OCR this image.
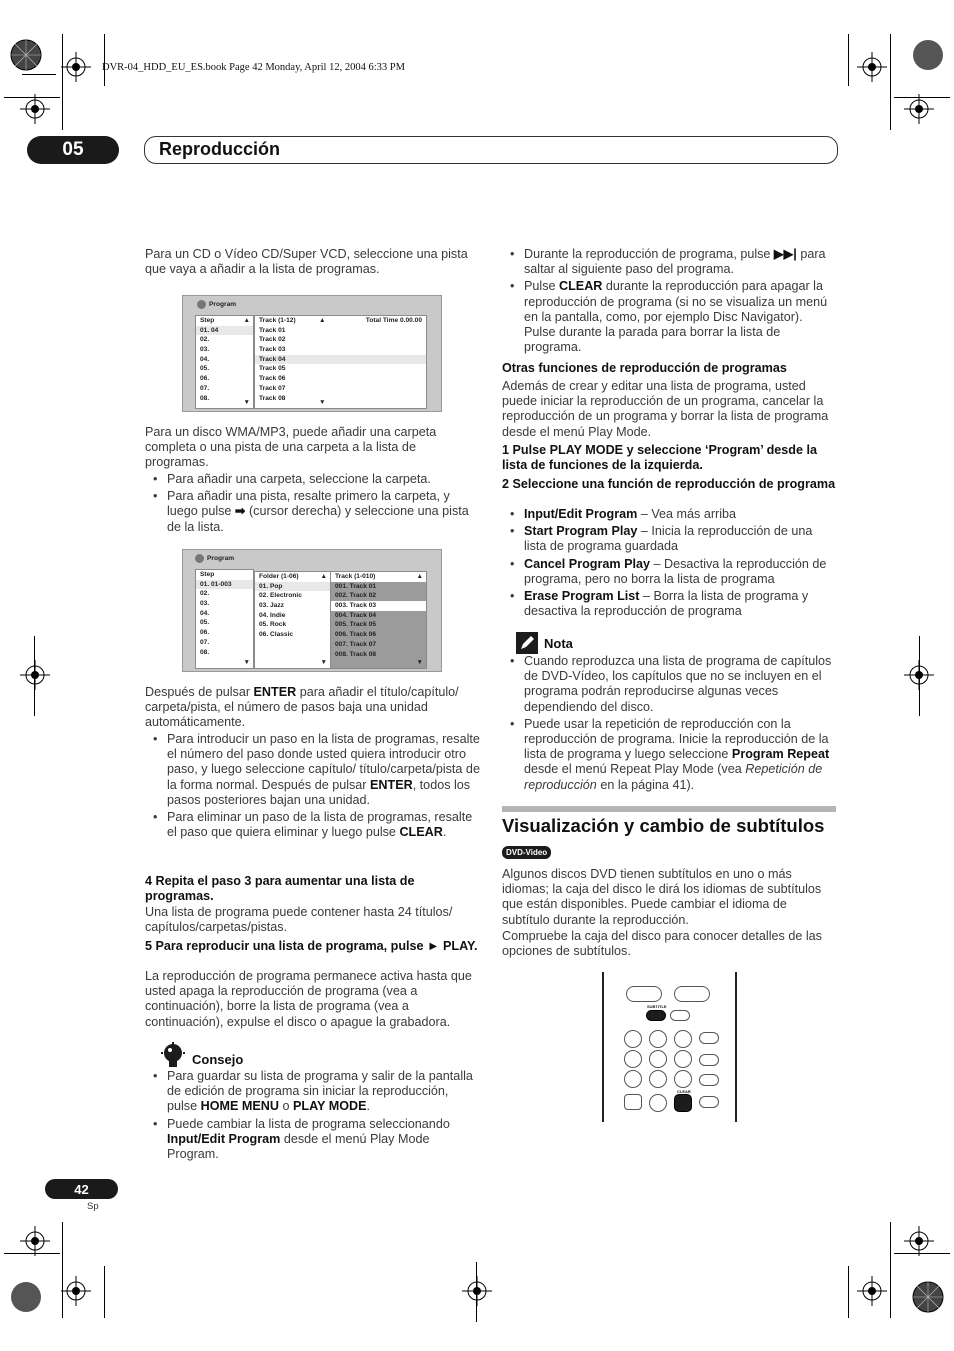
DVR-04_HDD_EU_ES.book Page 42 Monday, April 12, 2004 6:33 PM
05	Reproducción

Para un CD o Vídeo CD/Super VCD, seleccione una pista que vaya a añadir a la lista de programas.

Program
Step
01. 04
02.
03.
04.
05.
06.
07.
08.
▲
▼
Track (1-12)	Total Time 0.00.00
Track 01
Track 02
Track 03
Track 04
Track 05
Track 06
Track 07
Track 08
▲
▼

Para un disco WMA/MP3, puede añadir una carpeta completa o una pista de una carpeta a la lista de programas.

• Para añadir una carpeta, seleccione la carpeta.
• Para añadir una pista, resalte primero la carpeta, y luego pulse ➡ (cursor derecha) y seleccione una pista de la lista.
Program
Step
01. 01-003
02.
03.
04.
05.
06.
07.
08.
▼
Folder (1-06)
01. Pop
02. Electronic
03. Jazz
04. Indie
05. Rock
06. Classic
▲
▼
Track (1-010)
001. Track 01
002. Track 02
003. Track 03
004. Track 04
005. Track 05
006. Track 06
007. Track 07
008. Track 08
▲
▼

Después de pulsar ENTER para añadir el título/capítulo/ carpeta/pista, el número de pasos baja una unidad automáticamente.

• Para introducir un paso en la lista de programas, resalte el número del paso donde usted quiera introducir otro paso, y luego seleccione capítulo/ título/carpeta/pista de la forma normal. Después de pulsar ENTER, todos los pasos posteriores bajan una unidad.
• Para eliminar un paso de la lista de programas, resalte el paso que quiera eliminar y luego pulse CLEAR.

4 Repita el paso 3 para aumentar una lista de programas.

Una lista de programa puede contener hasta 24 títulos/ capítulos/carpetas/pistas.

5 Para reproducir una lista de programa, pulse ► PLAY.

La reproducción de programa permanece activa hasta que usted apaga la reproducción de programa (vea a continuación), borre la lista de programa (vea a continuación), expulse el disco o apague la grabadora.

Consejo
• Para guardar su lista de programa y salir de la pantalla de edición de programa sin iniciar la reproducción, pulse HOME MENU o PLAY MODE.
• Puede cambiar la lista de programa seleccionando Input/Edit Program desde el menú Play Mode Program.
• Durante la reproducción de programa, pulse ▶▶| para saltar al siguiente paso del programa.
• Pulse CLEAR durante la reproducción para apagar la reproducción de programa (si no se visualiza un menú en la pantalla, como, por ejemplo Disc Navigator). Pulse durante la parada para borrar la lista de programa.

Otras funciones de reproducción de programas

Además de crear y editar una lista de programa, usted puede iniciar la reproducción de un programa, cancelar la reproducción de un programa y borrar la lista de programa desde el menú Play Mode.

1 Pulse PLAY MODE y seleccione ‘Program’ desde la lista de funciones de la izquierda.

2 Seleccione una función de reproducción de programa

• Input/Edit Program – Vea más arriba
• Start Program Play – Inicia la reproducción de una lista de programa guardada
• Cancel Program Play – Desactiva la reproducción de programa, pero no borra la lista de programa
• Erase Program List – Borra la lista de programa y desactiva la reproducción de programa
Nota
• Cuando reproduzca una lista de programa de capítulos de DVD-Vídeo, los capítulos que no se incluyen en el programa podrán reproducirse algunas veces dependiendo del disco.
• Puede usar la repetición de reproducción con la reproducción de programa. Inicie la reproducción de la lista de programa y luego seleccione Program Repeat desde el menú Repeat Play Mode (vea Repetición de reproducción en la página 41).
Visualización y cambio de subtítulos
DVD-Video

Algunos discos DVD tienen subtítulos en uno o más idiomas; la caja del disco le dirá los idiomas de subtítulos que están disponibles. Puede cambiar el idioma de subtítulo durante la reproducción.

Compruebe la caja del disco para conocer detalles de las opciones de subtítulos.

SUBTITLE
CLEAR
42
Sp
